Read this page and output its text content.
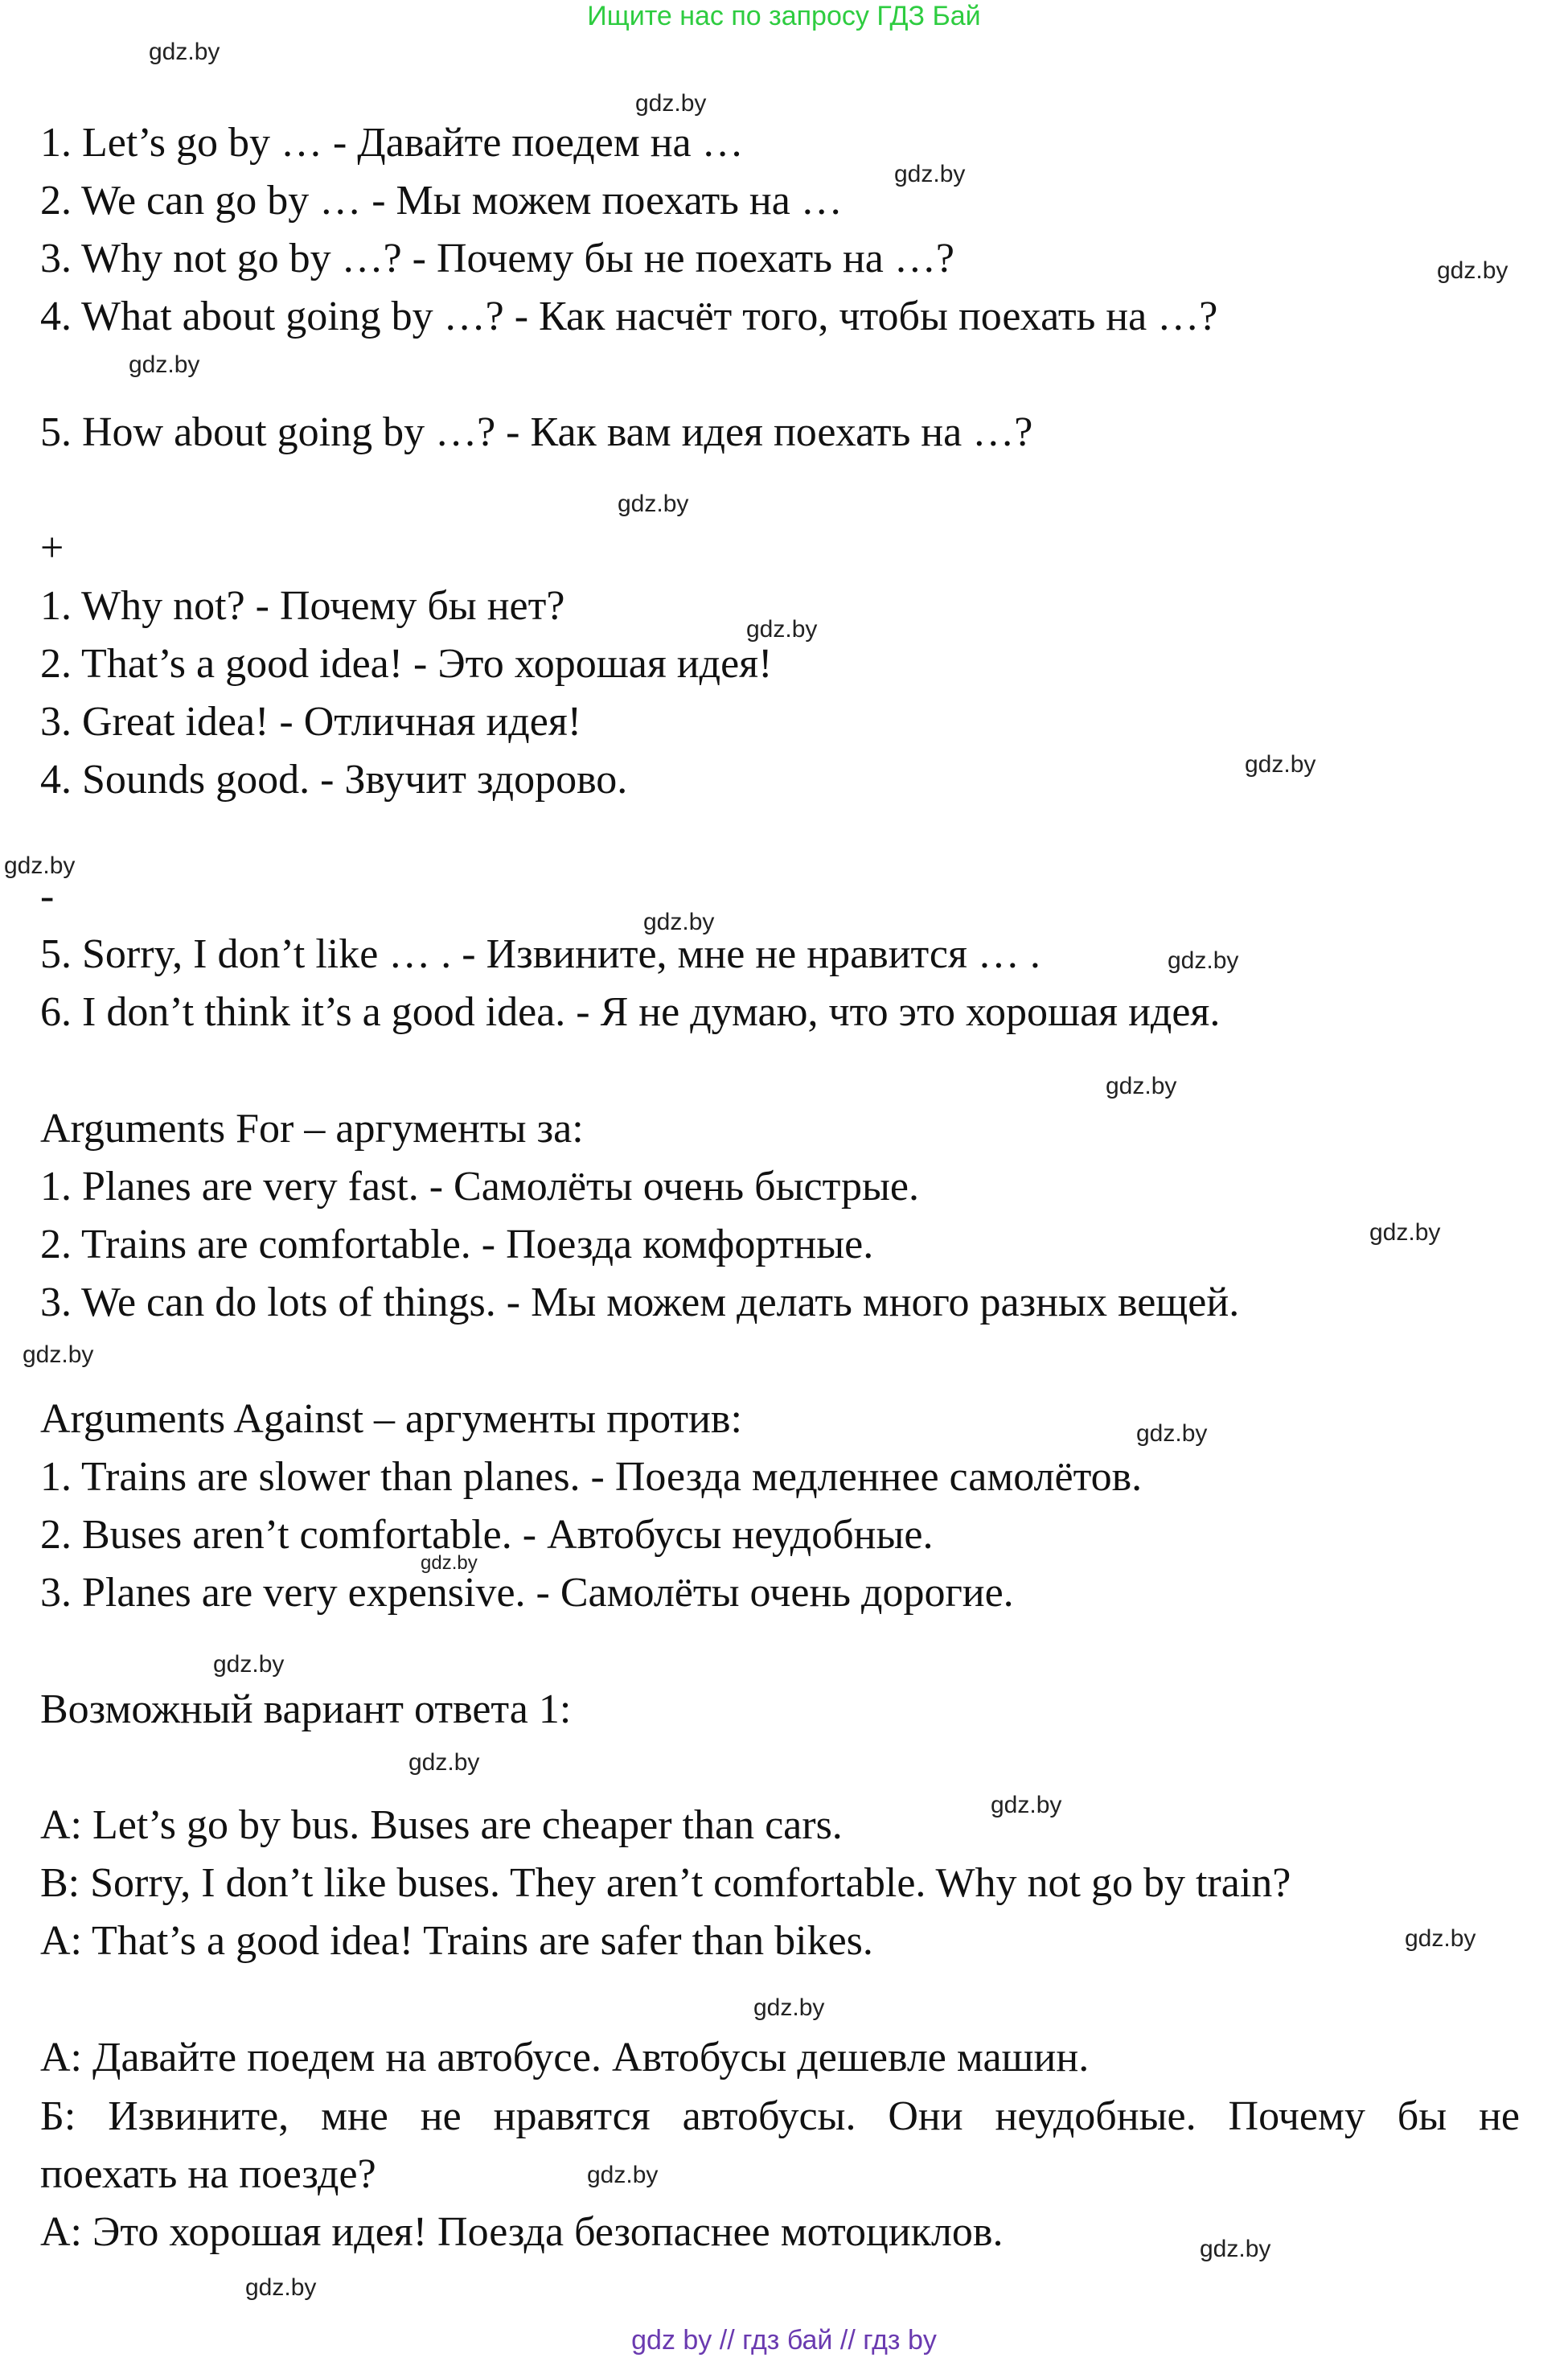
Ищите нас по запросу ГДЗ Бай
1. Let’s go by … - Давайте поедем на …
2. We can go by … - Мы можем поехать на …
3. Why not go by …? - Почему бы не поехать на …?
4. What about going by …? - Как насчёт того, чтобы поехать на …?
5. How about going by …? - Как вам идея поехать на …?
+
1. Why not? - Почему бы нет?
2. That’s a good idea! - Это хорошая идея!
3. Great idea! - Отличная идея!
4. Sounds good. - Звучит здорово.
-
5. Sorry, I don’t like … . - Извините, мне не нравится … .
6. I don’t think it’s a good idea. - Я не думаю, что это хорошая идея.
Arguments For – аргументы за:
1. Planes are very fast. - Самолёты очень быстрые.
2. Trains are comfortable. - Поезда комфортные.
3. We can do lots of things. - Мы можем делать много разных вещей.
Arguments Against – аргументы против:
1. Trains are slower than planes. - Поезда медленнее самолётов.
2. Buses aren’t comfortable. - Автобусы неудобные.
3. Planes are very expensive. - Самолёты очень дорогие.
Возможный вариант ответа 1:
A: Let’s go by bus. Buses are cheaper than cars.
B: Sorry, I don’t like buses. They aren’t comfortable. Why not go by train?
A: That’s a good idea! Trains are safer than bikes.
А: Давайте поедем на автобусе. Автобусы дешевле машин.
Б: Извините, мне не нравятся автобусы. Они неудобные. Почему бы не
поехать на поезде?
А: Это хорошая идея! Поезда безопаснее мотоциклов.
gdz.by
gdz.by
gdz.by
gdz.by
gdz.by
gdz.by
gdz.by
gdz.by
gdz.by
gdz.by
gdz.by
gdz.by
gdz.by
gdz.by
gdz.by
gdz.by
gdz.by
gdz.by
gdz.by
gdz.by
gdz.by
gdz.by
gdz.by
gdz.by
gdz by // гдз бай // гдз by
